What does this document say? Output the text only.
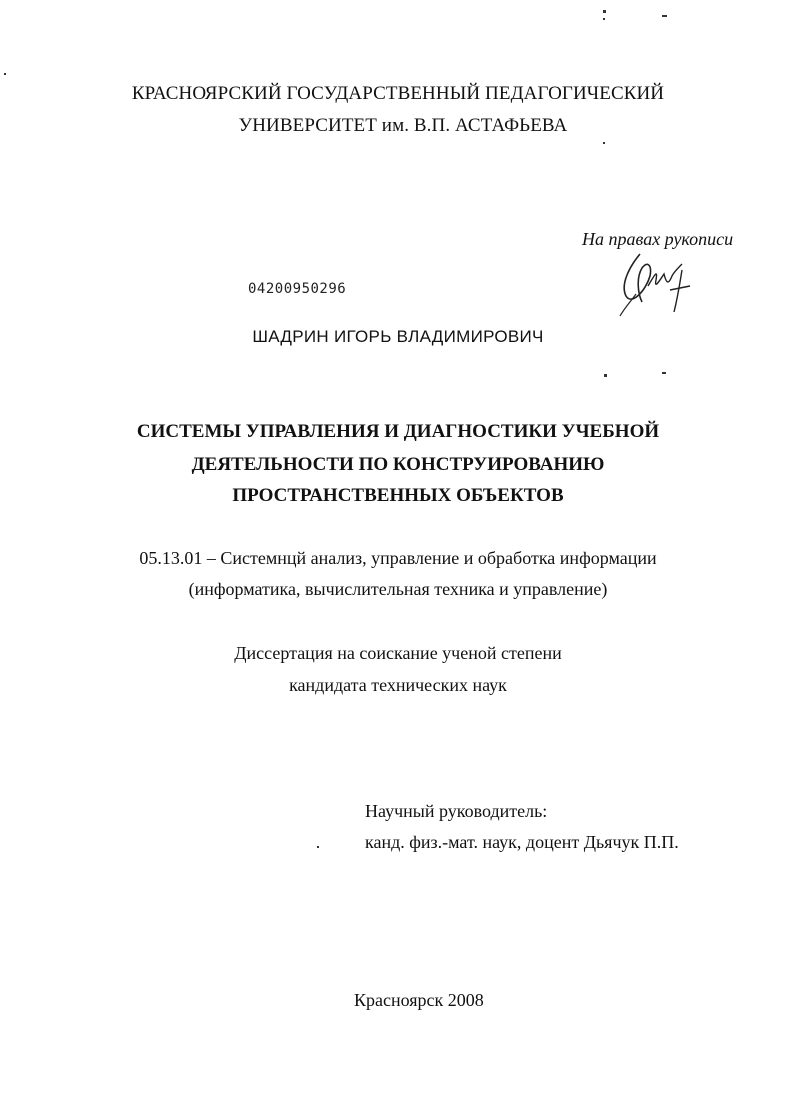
КРАСНОЯРСКИЙ ГОСУДАРСТВЕННЫЙ ПЕДАГОГИЧЕСКИЙ
УНИВЕРСИТЕТ им. В.П. АСТАФЬЕВА
На правах рукописи
04200950296
ШАДРИН ИГОРЬ ВЛАДИМИРОВИЧ
СИСТЕМЫ УПРАВЛЕНИЯ И ДИАГНОСТИКИ УЧЕБНОЙ
ДЕЯТЕЛЬНОСТИ ПО КОНСТРУИРОВАНИЮ
ПРОСТРАНСТВЕННЫХ ОБЪЕКТОВ
05.13.01 – Системнцй анализ, управление и обработка информации
(информатика, вычислительная техника и управление)
Диссертация на соискание ученой степени
кандидата технических наук
Научный руководитель:
канд. физ.-мат. наук, доцент Дьячук П.П.
Красноярск 2008
